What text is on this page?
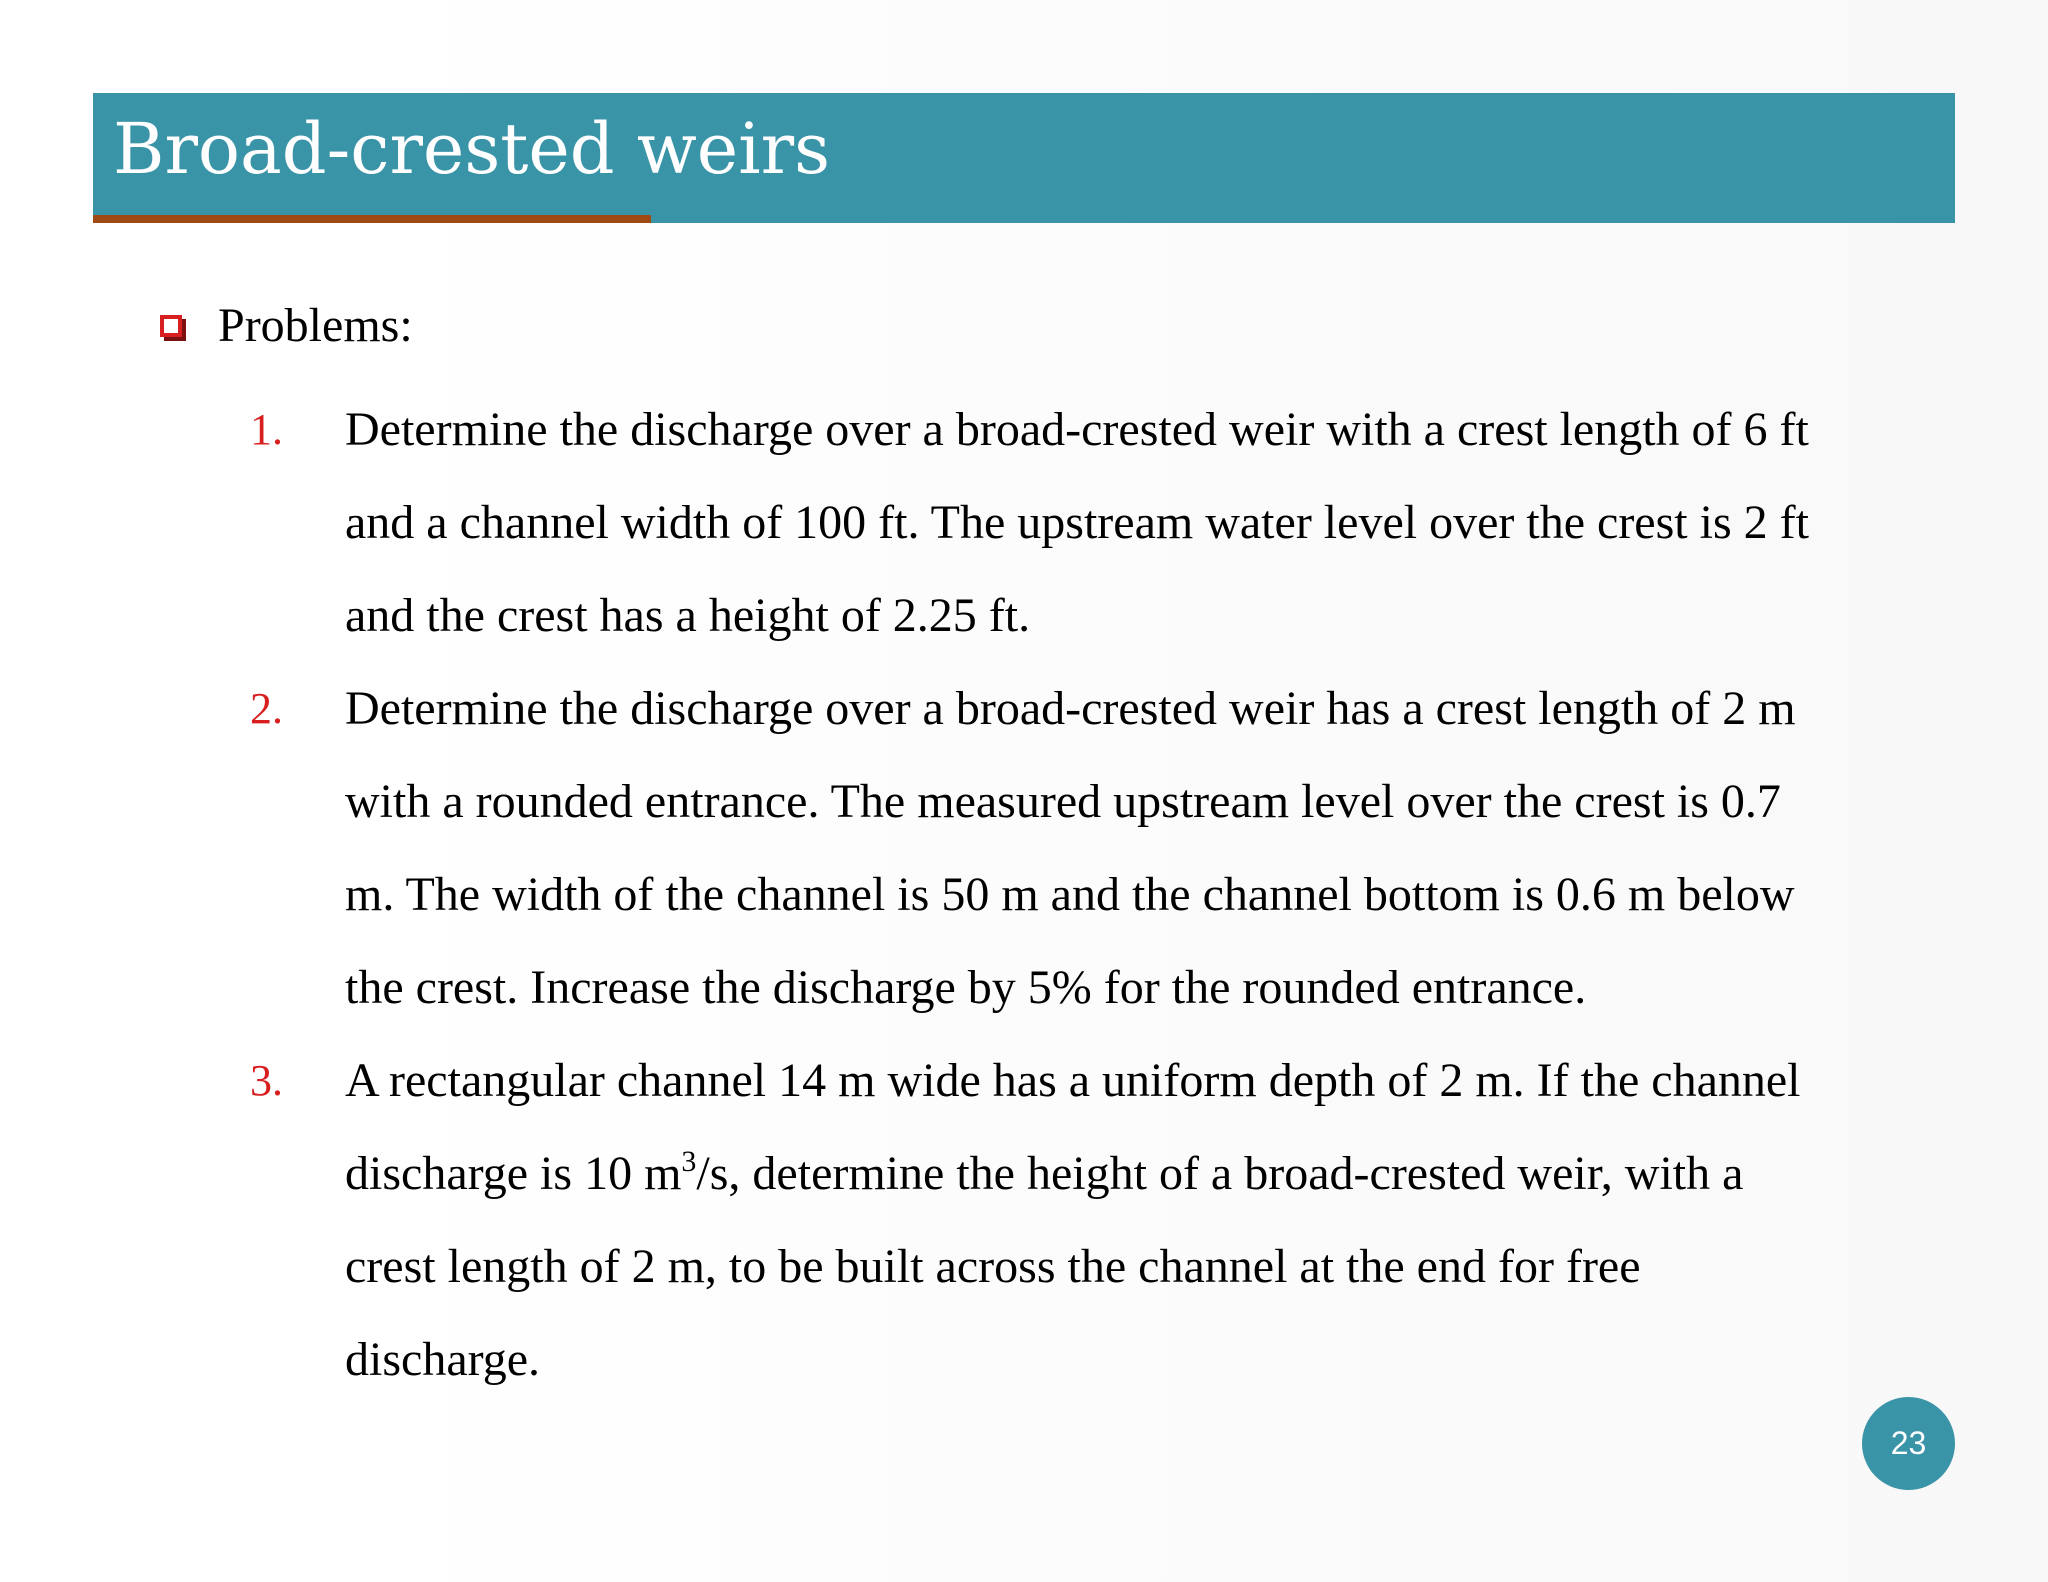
Broad-crested weirs
Problems:
1. Determine the discharge over a broad-crested weir with a crest length of 6 ft
and a channel width of 100 ft. The upstream water level over the crest is 2 ft
and the crest has a height of 2.25 ft.
2. Determine the discharge over a broad-crested weir has a crest length of 2 m
with a rounded entrance. The measured upstream level over the crest is 0.7
m. The width of the channel is 50 m and the channel bottom is 0.6 m below
the crest. Increase the discharge by 5% for the rounded entrance.
3. A rectangular channel 14 m wide has a uniform depth of 2 m. If the channel
discharge is 10 $m^3/s$, determine the height of a broad-crested weir, with a
crest length of 2 m, to be built across the channel at the end for free
discharge.
23
